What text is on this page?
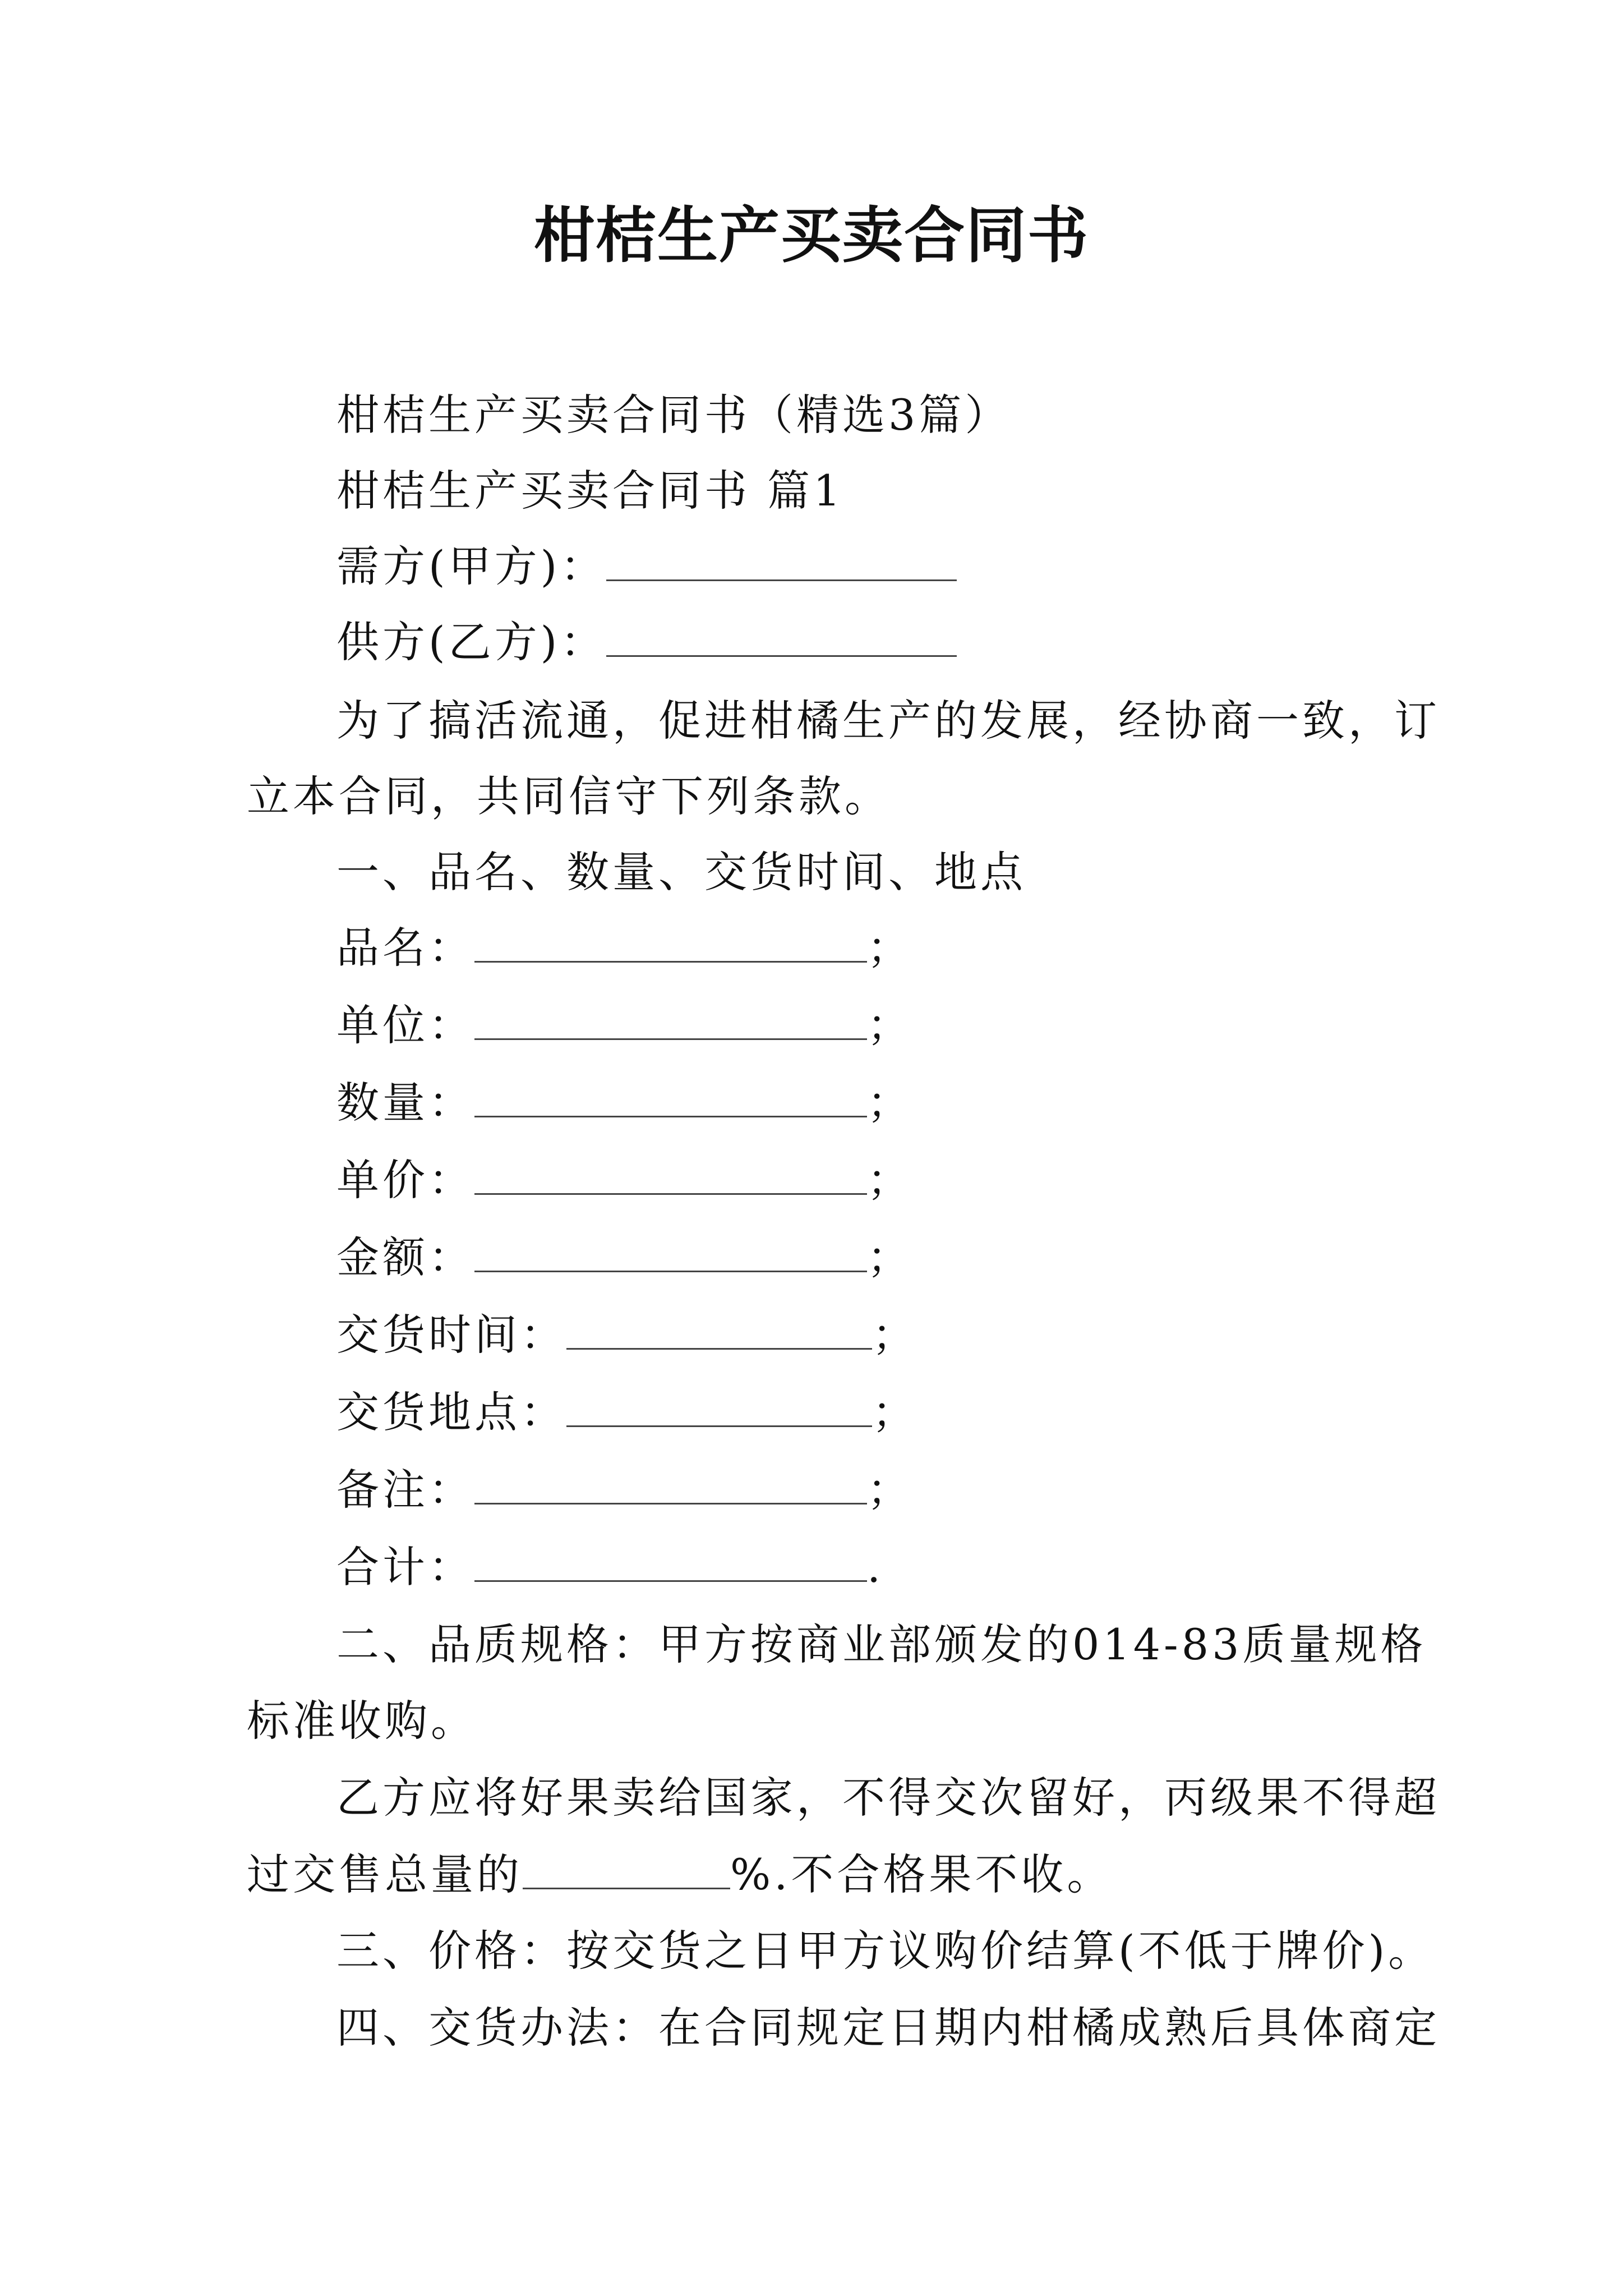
柑桔生产买卖合同书
柑桔生产买卖合同书（精选3篇）
柑桔生产买卖合同书 篇1
需方(甲方)：
供方(乙方)：
为了搞活流通，促进柑橘生产的发展，经协商一致，订
立本合同，共同信守下列条款。
一、品名、数量、交货时间、地点
品名：	；
单位：	；
数量：	；
单价：	；
金额：	；
交货时间：	；
交货地点：	；
备注：	；
合计：	.
二、品质规格：甲方按商业部颁发的014-83质量规格
标准收购。
乙方应将好果卖给国家，不得交次留好，丙级果不得超
过交售总量的	%.不合格果不收。
三、价格：按交货之日甲方议购价结算(不低于牌价)。
四、交货办法：在合同规定日期内柑橘成熟后具体商定
